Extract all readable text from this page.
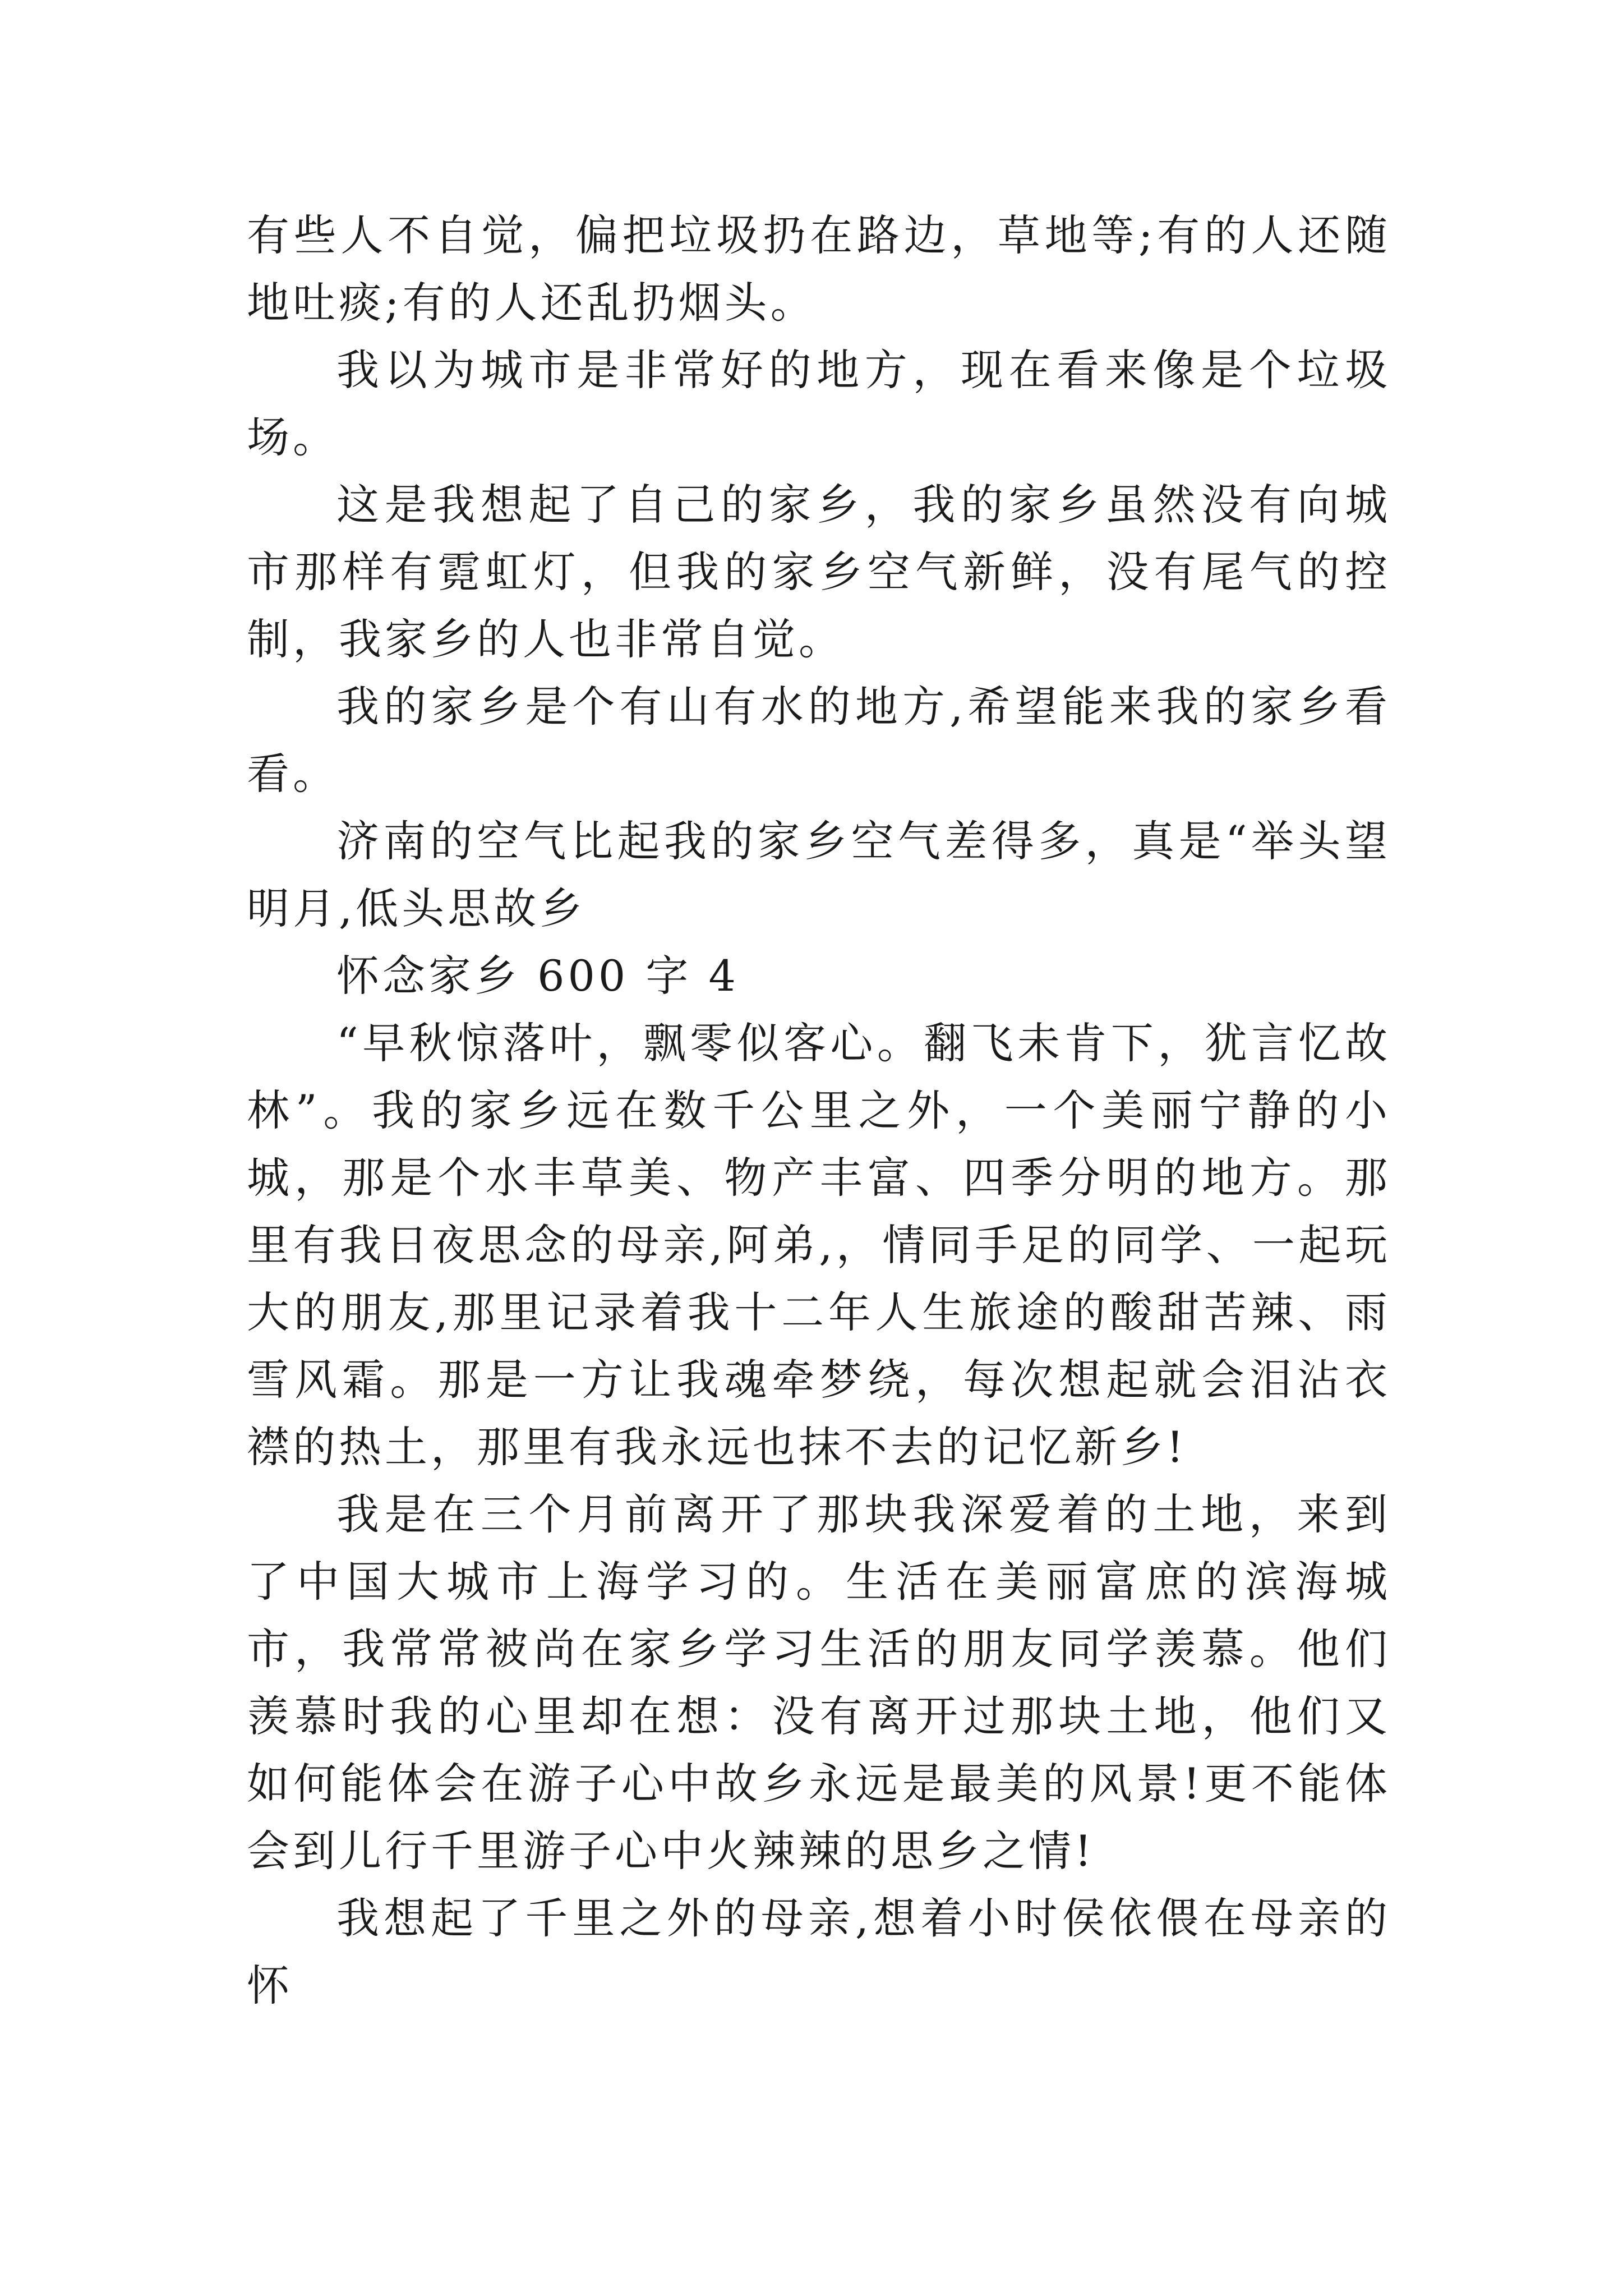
有些人不自觉，偏把垃圾扔在路边，草地等;有的人还随地吐痰;有的人还乱扔烟头。

我以为城市是非常好的地方，现在看来像是个垃圾场。

这是我想起了自己的家乡，我的家乡虽然没有向城市那样有霓虹灯，但我的家乡空气新鲜，没有尾气的控制，我家乡的人也非常自觉。

我的家乡是个有山有水的地方,希望能来我的家乡看看。

济南的空气比起我的家乡空气差得多，真是“举头望明月,低头思故乡

怀念家乡 600 字 4

“早秋惊落叶，飘零似客心。翻飞未肯下，犹言忆故林”。我的家乡远在数千公里之外，一个美丽宁静的小城，那是个水丰草美、物产丰富、四季分明的地方。那里有我日夜思念的母亲,阿弟,，情同手足的同学、一起玩大的朋友,那里记录着我十二年人生旅途的酸甜苦辣、雨雪风霜。那是一方让我魂牵梦绕，每次想起就会泪沾衣襟的热土，那里有我永远也抹不去的记忆新乡!

我是在三个月前离开了那块我深爱着的土地，来到了中国大城市上海学习的。生活在美丽富庶的滨海城市，我常常被尚在家乡学习生活的朋友同学羡慕。他们羡慕时我的心里却在想：没有离开过那块土地，他们又如何能体会在游子心中故乡永远是最美的风景!更不能体会到儿行千里游子心中火辣辣的思乡之情!

我想起了千里之外的母亲,想着小时侯依偎在母亲的怀
